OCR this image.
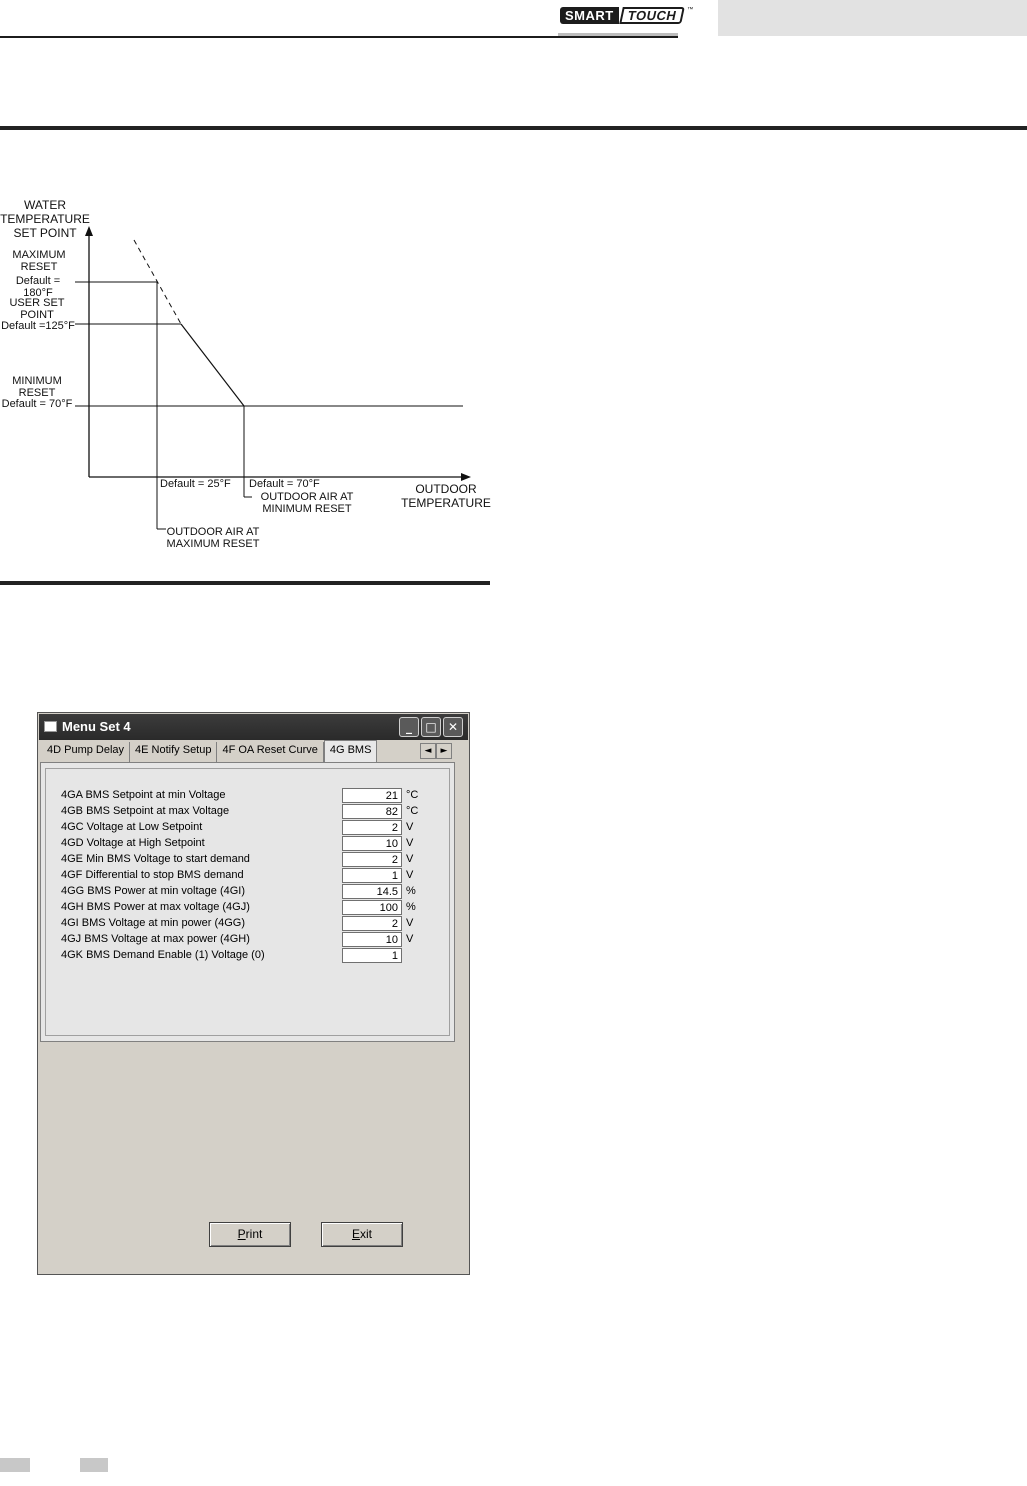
SMART TOUCH	™
WATER TEMPERATURE SET POINT
MAXIMUM RESET
Default = 180°F
USER SET POINT
Default =125°F
MINIMUM RESET
Default = 70°F
Default = 25°F Default = 70°F
OUTDOOR AIR AT MINIMUM RESET
OUTDOOR AIR AT MAXIMUM RESET
OUTDOOR TEMPERATURE
Menu Set 4	_	□ ✕
4D Pump Delay	4E Notify Setup	4F OA Reset Curve	4G BMS	◄	►
4GA BMS Setpoint at min Voltage	21 °C
4GB BMS Setpoint at max Voltage	82 °C
4GC Voltage at Low Setpoint	2 V
4GD Voltage at High Setpoint	10 V
4GE Min BMS Voltage to start demand	2 V
4GF Differential to stop BMS demand	1 V
4GG BMS Power at min voltage (4GI)	14.5 %
4GH BMS Power at max voltage (4GJ)	100 %
4GI BMS Voltage at min power (4GG)	2 V
4GJ BMS Voltage at max power (4GH)	10 V
4GK BMS Demand Enable (1) Voltage (0)	1
Print	Exit
